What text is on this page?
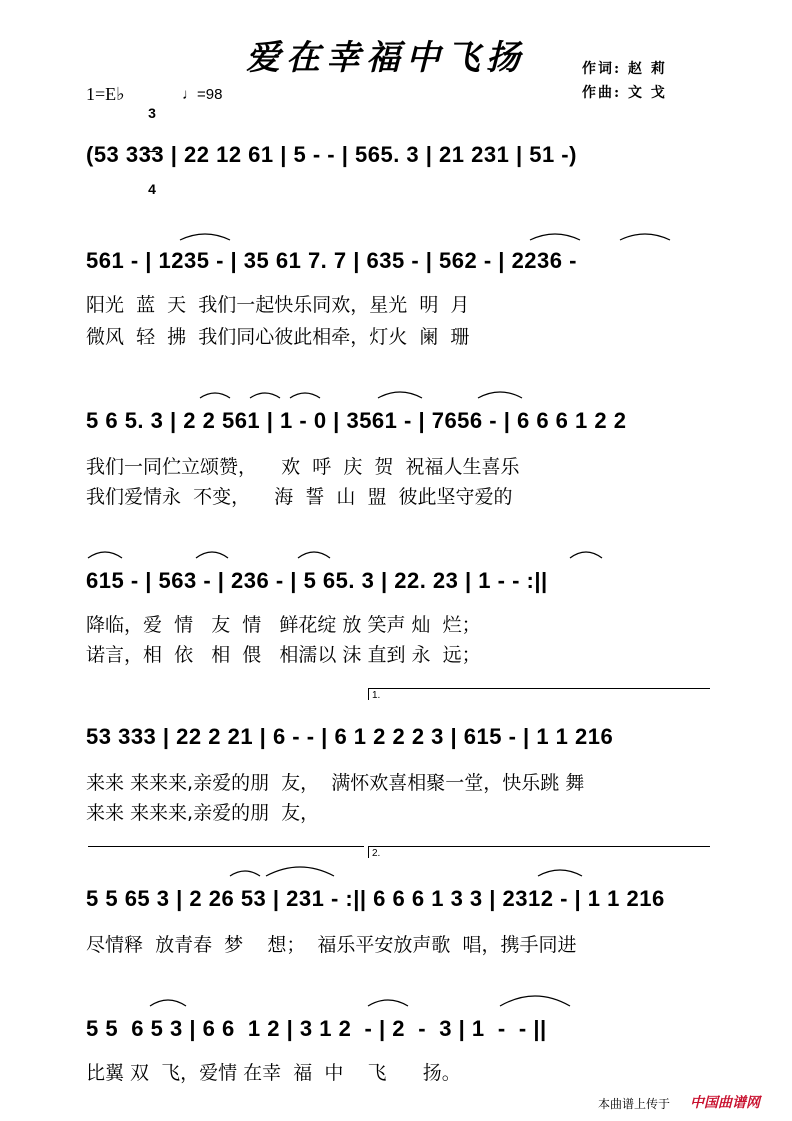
爱在幸福中飞扬	作词: 赵 莉
作曲: 文 戈
1=E♭

3

4

♩=98
(53 333 | 22 12 61 | 5 - - | 565. 3 | 21 231 | 51 -)
561 - | 1235 - | 35 61 7. 7 | 635 - | 562 - | 2236 -
阳光  蓝  天  我们一起快乐同欢，星光  明  月
微风  轻  拂  我们同心彼此相牵，灯火  阑  珊
5 6 5. 3 | 2 2 561 | 1 - 0 | 3561 - | 7656 - | 6 6 6 1 2 2
我们一同伫立颂赞，    欢  呼  庆  贺  祝福人生喜乐
我们爱情永  不变，    海  誓  山  盟  彼此坚守爱的
615 - | 563 - | 236 - | 5 65. 3 | 22. 23 | 1 - - :||
降临，爱  情   友  情   鲜花绽 放 笑声 灿  烂；
诺言，相  依   相  偎   相濡以 沫 直到 永  远；
1.
53 333 | 22 2 21 | 6 - - | 6 1 2 2 2 3 | 615 - | 1 1 216
来来 来来来,亲爱的朋  友，  满怀欢喜相聚一堂，快乐跳 舞
来来 来来来,亲爱的朋  友，
2.
5 5 65 3 | 2 26 53 | 231 - :|| 6 6 6 1 3 3 | 2312 - | 1 1 216
尽情释  放青春  梦    想；  福乐平安放声歌  唱，携手同进
5 5  6 5 3 | 6 6  1 2 | 3 1 2  - | 2  -  3 | 1  -  - ||
比翼 双  飞，爱情 在幸  福  中    飞      扬。
本曲谱上传于 中国曲谱网
